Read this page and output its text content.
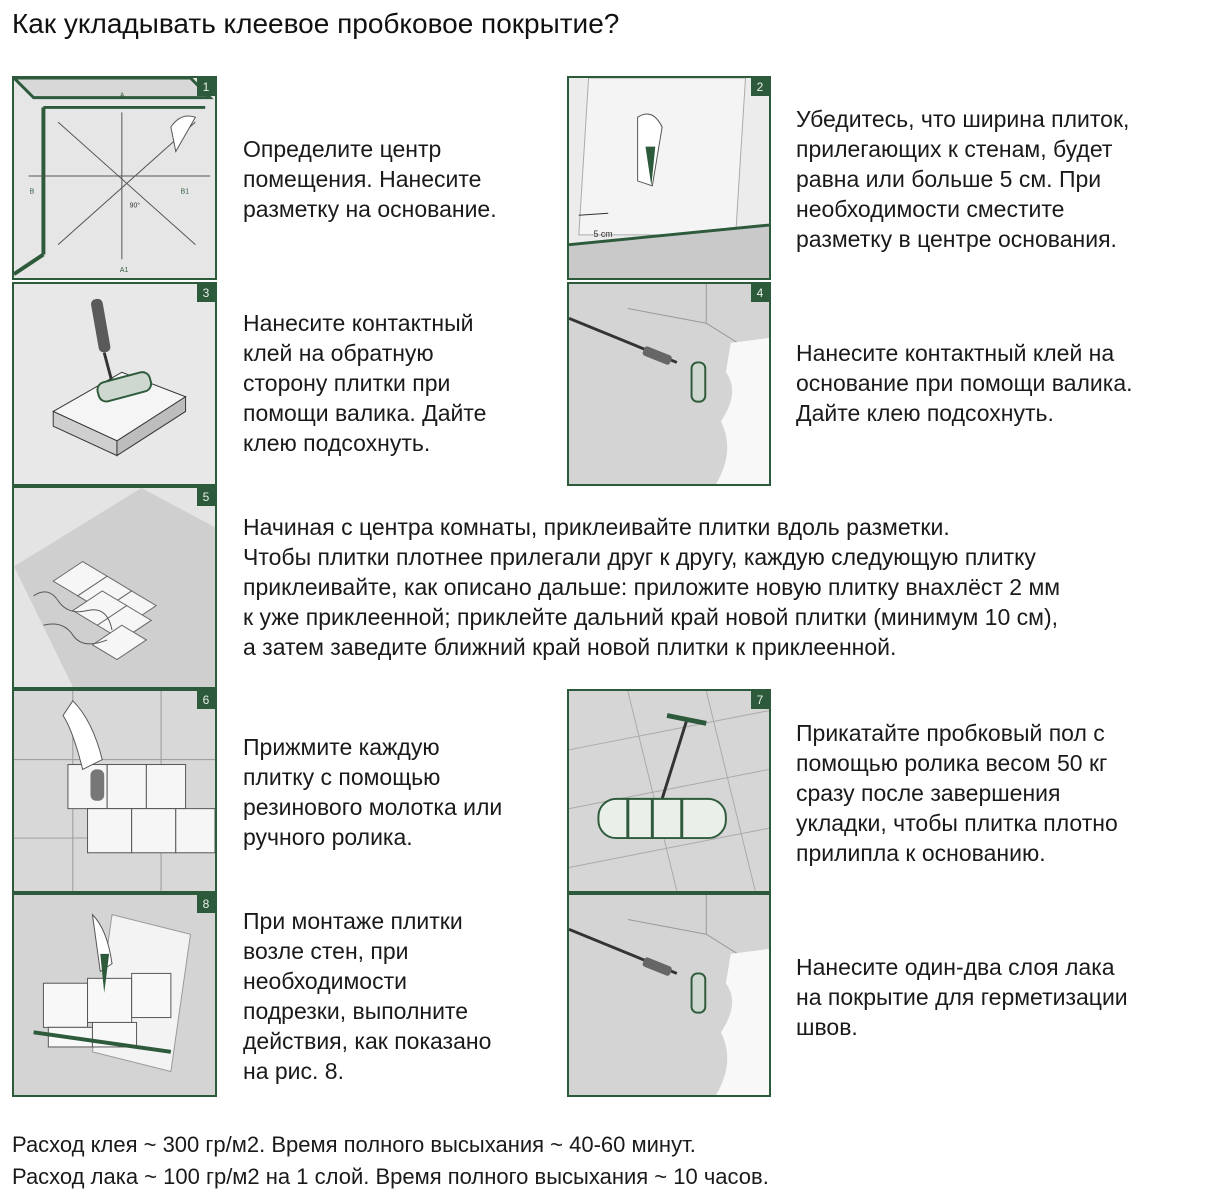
Как укладывать клеевое пробковое покрытие?
A
A1
B	B1
90°
1
Определите центр
помещения. Нанесите
разметку на основание.
5 cm
2
Убедитесь, что ширина плиток,
прилегающих к стенам, будет
равна или больше 5 см. При
необходимости сместите
разметку в центре основания.
3
Нанесите контактный
клей на обратную
сторону плитки при
помощи валика. Дайте
клею подсохнуть.
4
Нанесите контактный клей на
основание при помощи валика.
Дайте клею подсохнуть.
5
Начиная с центра комнаты, приклеивайте плитки вдоль разметки.
Чтобы плитки плотнее прилегали друг к другу, каждую следующую плитку
приклеивайте, как описано дальше: приложите новую плитку внахлёст 2 мм
к уже приклеенной; приклейте дальний край новой плитки (минимум 10 см),
а затем заведите ближний край новой плитки к приклеенной.
6
Прижмите каждую
плитку с помощью
резинового молотка или
ручного ролика.
7
Прикатайте пробковый пол с
помощью ролика весом 50 кг
сразу после завершения
укладки, чтобы плитка плотно
прилипла к основанию.
8
При монтаже плитки
возле стен, при
необходимости
подрезки, выполните
действия, как показано
на рис. 8.
Нанесите один-два слоя лака
на покрытие для герметизации
швов.
Расход клея ~ 300 гр/м2. Время полного высыхания ~ 40-60 минут.
Расход лака ~ 100 гр/м2 на 1 слой. Время полного высыхания ~ 10 часов.
